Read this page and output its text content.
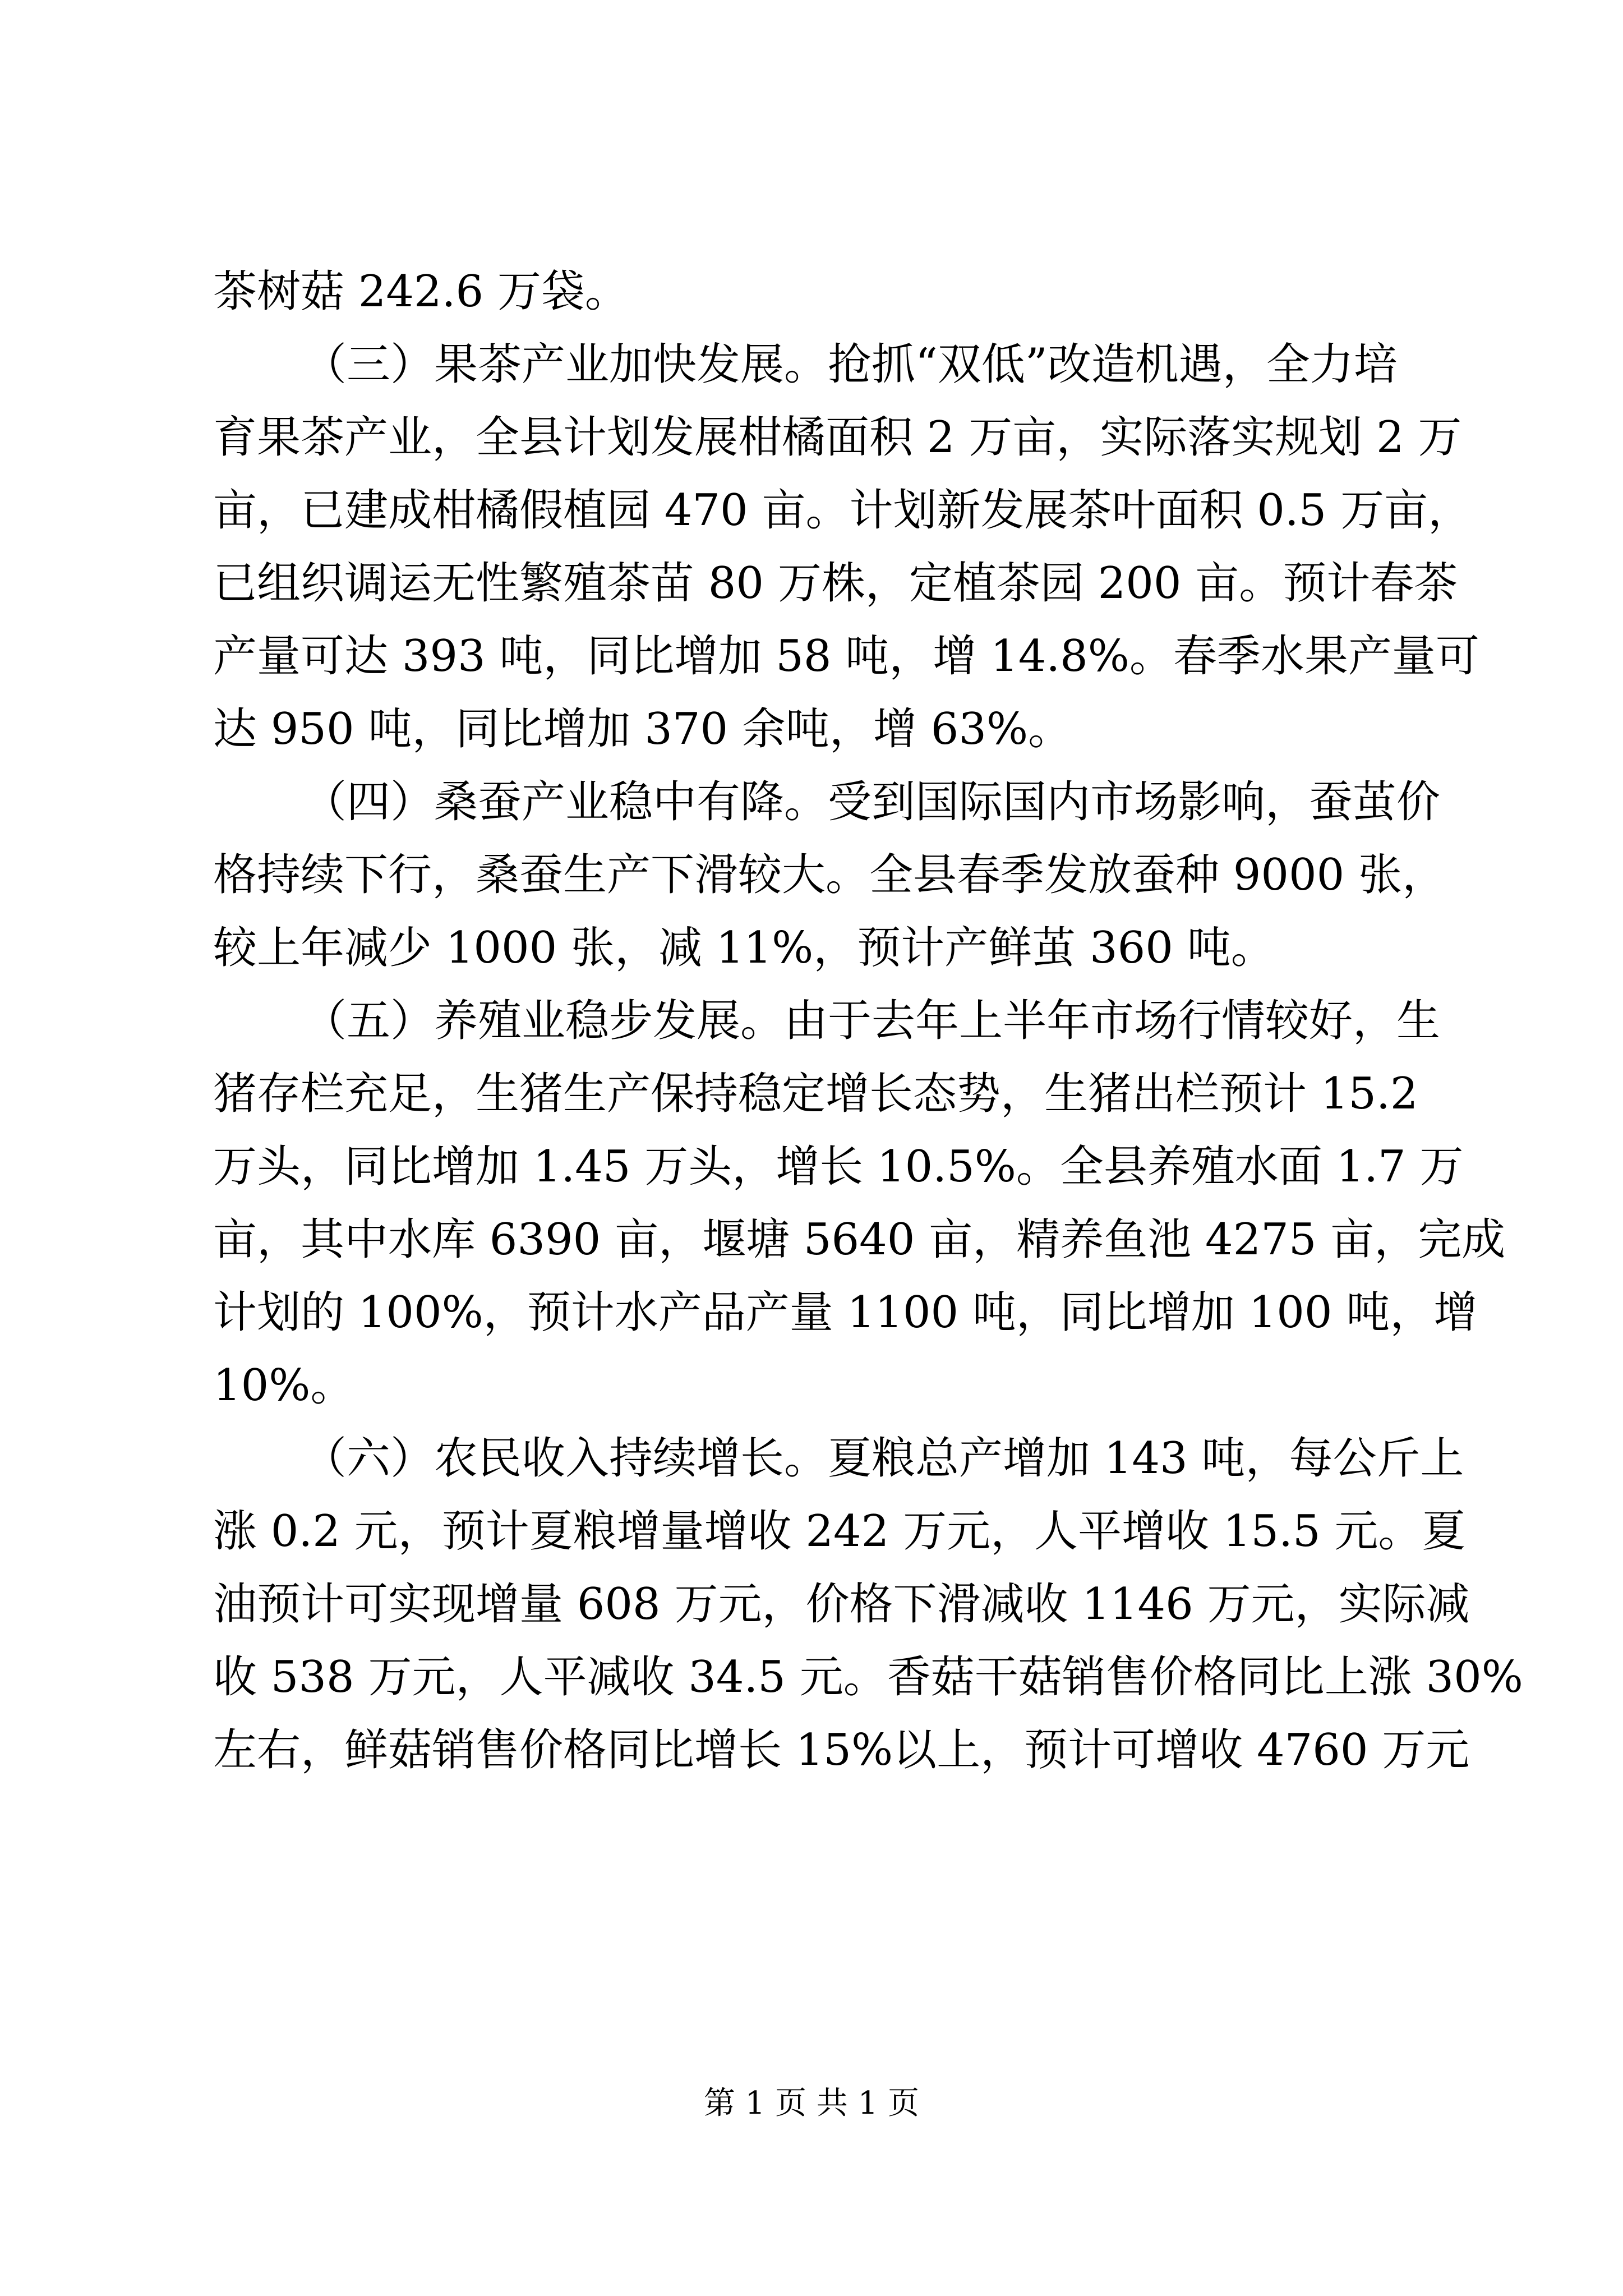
茶树菇 242.6 万袋。
（三）果茶产业加快发展。抢抓“双低”改造机遇，全力培
育果茶产业，全县计划发展柑橘面积 2 万亩，实际落实规划 2 万
亩，已建成柑橘假植园 470 亩。计划新发展茶叶面积 0.5 万亩，
已组织调运无性繁殖茶苗 80 万株，定植茶园 200 亩。预计春茶
产量可达 393 吨，同比增加 58 吨，增 14.8%。春季水果产量可
达 950 吨，同比增加 370 余吨，增 63%。
（四）桑蚕产业稳中有降。受到国际国内市场影响，蚕茧价
格持续下行，桑蚕生产下滑较大。全县春季发放蚕种 9000 张，
较上年减少 1000 张，减 11%，预计产鲜茧 360 吨。
（五）养殖业稳步发展。由于去年上半年市场行情较好，生
猪存栏充足，生猪生产保持稳定增长态势，生猪出栏预计 15.2
万头，同比增加 1.45 万头，增长 10.5%。全县养殖水面 1.7 万
亩，其中水库 6390 亩，堰塘 5640 亩，精养鱼池 4275 亩，完成
计划的 100%，预计水产品产量 1100 吨，同比增加 100 吨，增
10%。
（六）农民收入持续增长。夏粮总产增加 143 吨，每公斤上
涨 0.2 元，预计夏粮增量增收 242 万元，人平增收 15.5 元。夏
油预计可实现增量 608 万元，价格下滑减收 1146 万元，实际减
收 538 万元，人平减收 34.5 元。香菇干菇销售价格同比上涨 30%
左右，鲜菇销售价格同比增长 15%以上，预计可增收 4760 万元
第 1 页 共 1 页
